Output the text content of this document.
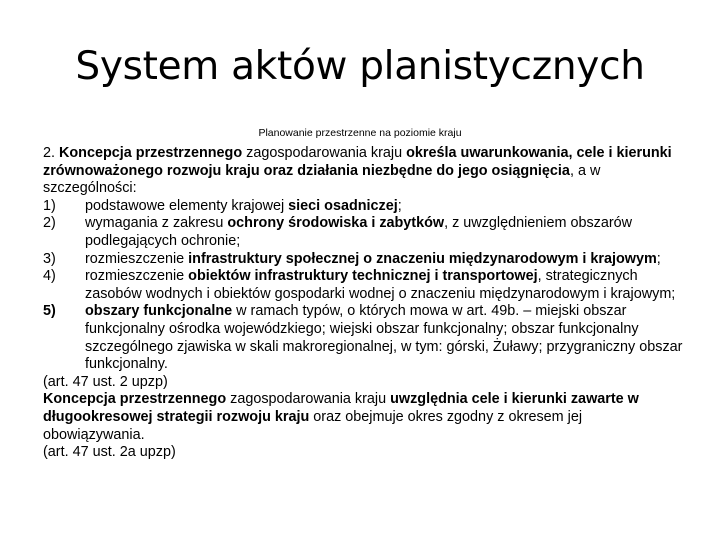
System aktów planistycznych
Planowanie przestrzenne na poziomie kraju

2. Koncepcja przestrzennego zagospodarowania kraju określa uwarunkowania, cele i kierunki zrównoważonego rozwoju kraju oraz działania niezbędne do jego osiągnięcia, a w szczególności:

1)	podstawowe elementy krajowej sieci osadniczej;
2)	wymagania z zakresu ochrony środowiska i zabytków, z uwzględnieniem obszarów podlegających ochronie;
3)	rozmieszczenie infrastruktury społecznej o znaczeniu międzynarodowym i krajowym;
4)	rozmieszczenie obiektów infrastruktury technicznej i transportowej, strategicznych zasobów wodnych i obiektów gospodarki wodnej o znaczeniu międzynarodowym i krajowym;
5)	obszary funkcjonalne w ramach typów, o których mowa w art. 49b. – miejski obszar funkcjonalny ośrodka wojewódzkiego; wiejski obszar funkcjonalny; obszar funkcjonalny szczególnego zjawiska w skali makroregionalnej, w tym: górski, Żuławy; przygraniczny obszar funkcjonalny.

(art. 47 ust. 2 upzp)

Koncepcja przestrzennego zagospodarowania kraju uwzględnia cele i kierunki zawarte w długookresowej strategii rozwoju kraju oraz obejmuje okres zgodny z okresem jej obowiązywania.

(art. 47 ust. 2a upzp)
